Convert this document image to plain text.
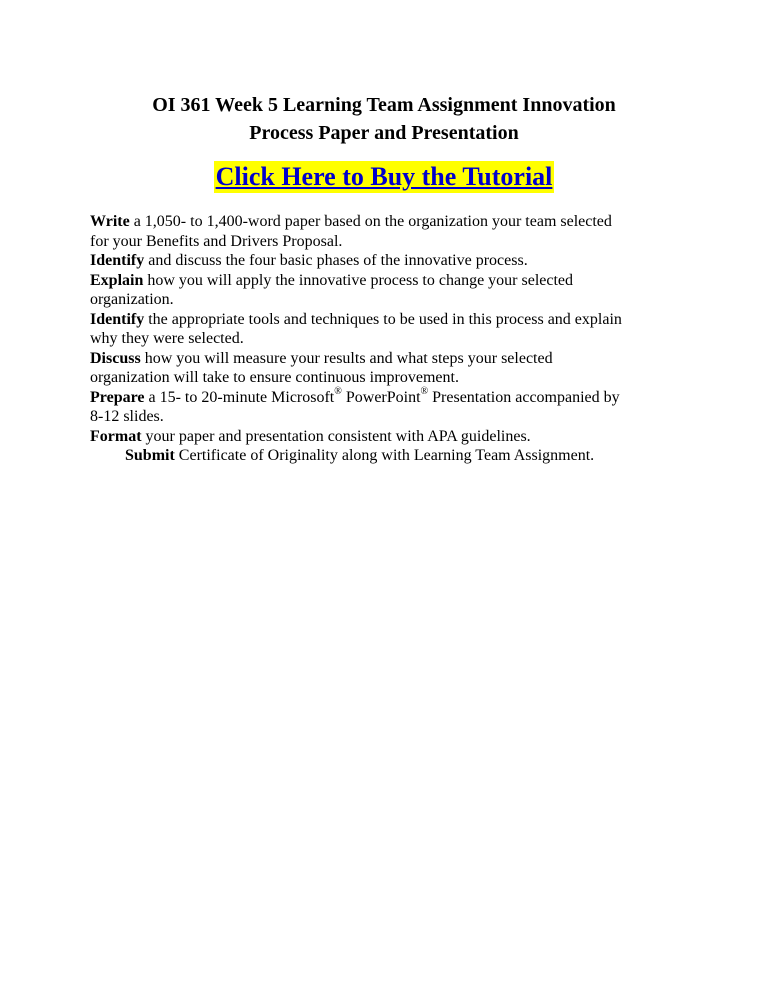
OI 361 Week 5 Learning Team Assignment Innovation
Process Paper and Presentation
Click Here to Buy the Tutorial
Write a 1,050- to 1,400-word paper based on the organization your team selected
for your Benefits and Drivers Proposal.
Identify and discuss the four basic phases of the innovative process.
Explain how you will apply the innovative process to change your selected
organization.
Identify the appropriate tools and techniques to be used in this process and explain
why they were selected.
Discuss how you will measure your results and what steps your selected
organization will take to ensure continuous improvement.
Prepare a 15- to 20-minute Microsoft® PowerPoint® Presentation accompanied by
8-12 slides.
Format your paper and presentation consistent with APA guidelines.
Submit Certificate of Originality along with Learning Team Assignment.
